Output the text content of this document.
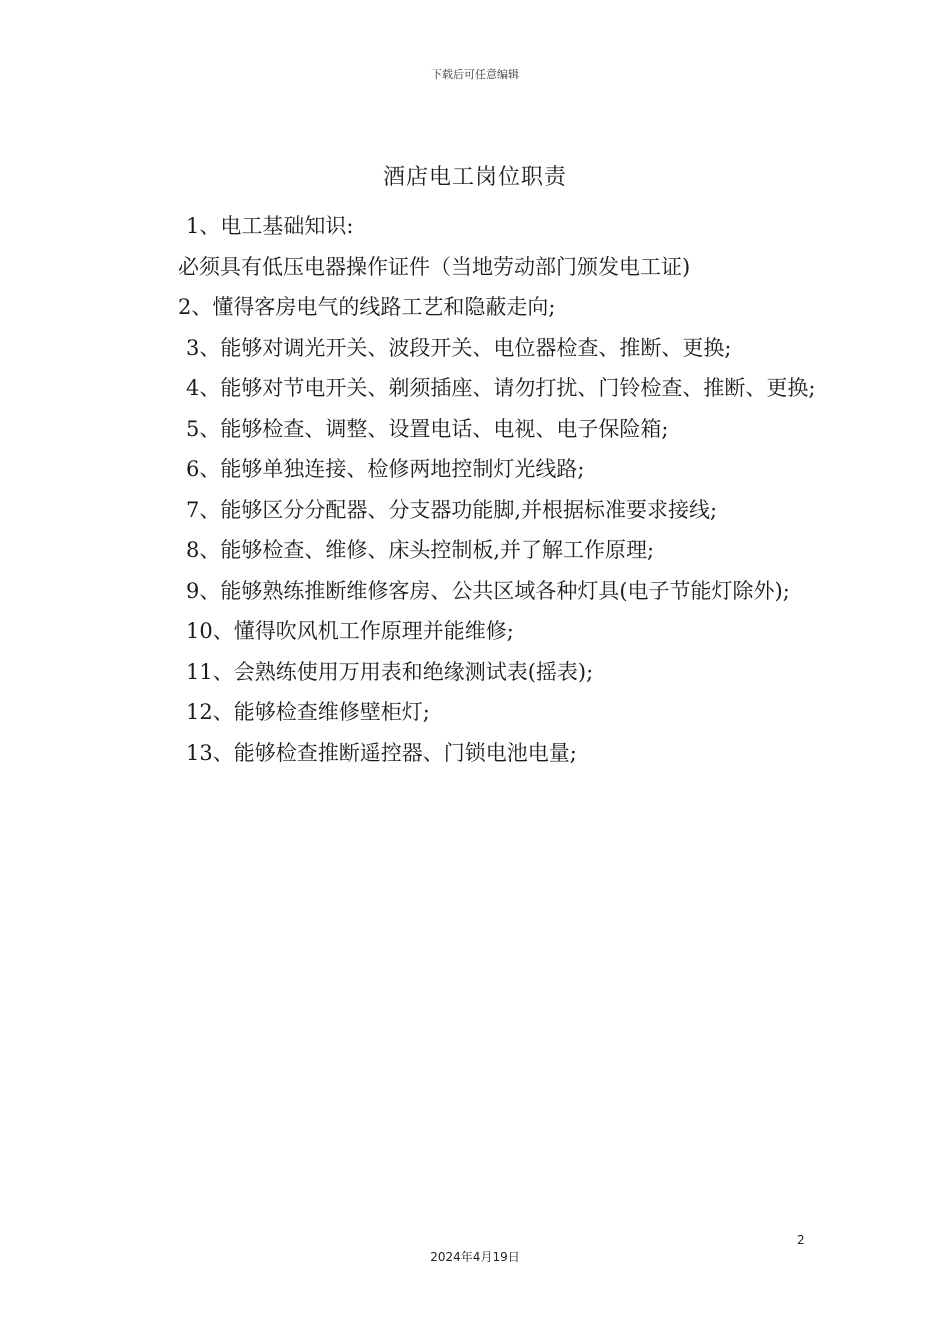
下载后可任意编辑
酒店电工岗位职责

1、电工基础知识:

必须具有低压电器操作证件（当地劳动部门颁发电工证)

2、懂得客房电气的线路工艺和隐蔽走向;

3、能够对调光开关、波段开关、电位器检查、推断、更换;

4、能够对节电开关、剃须插座、请勿打扰、门铃检查、推断、更换;

5、能够检查、调整、设置电话、电视、电子保险箱;

6、能够单独连接、检修两地控制灯光线路;

7、能够区分分配器、分支器功能脚,并根据标准要求接线;

8、能够检查、维修、床头控制板,并了解工作原理;

9、能够熟练推断维修客房、公共区域各种灯具(电子节能灯除外);

10、懂得吹风机工作原理并能维修;

11、会熟练使用万用表和绝缘测试表(摇表);

12、能够检查维修壁柜灯;

13、能够检查推断遥控器、门锁电池电量;

2
2024年4月19日
